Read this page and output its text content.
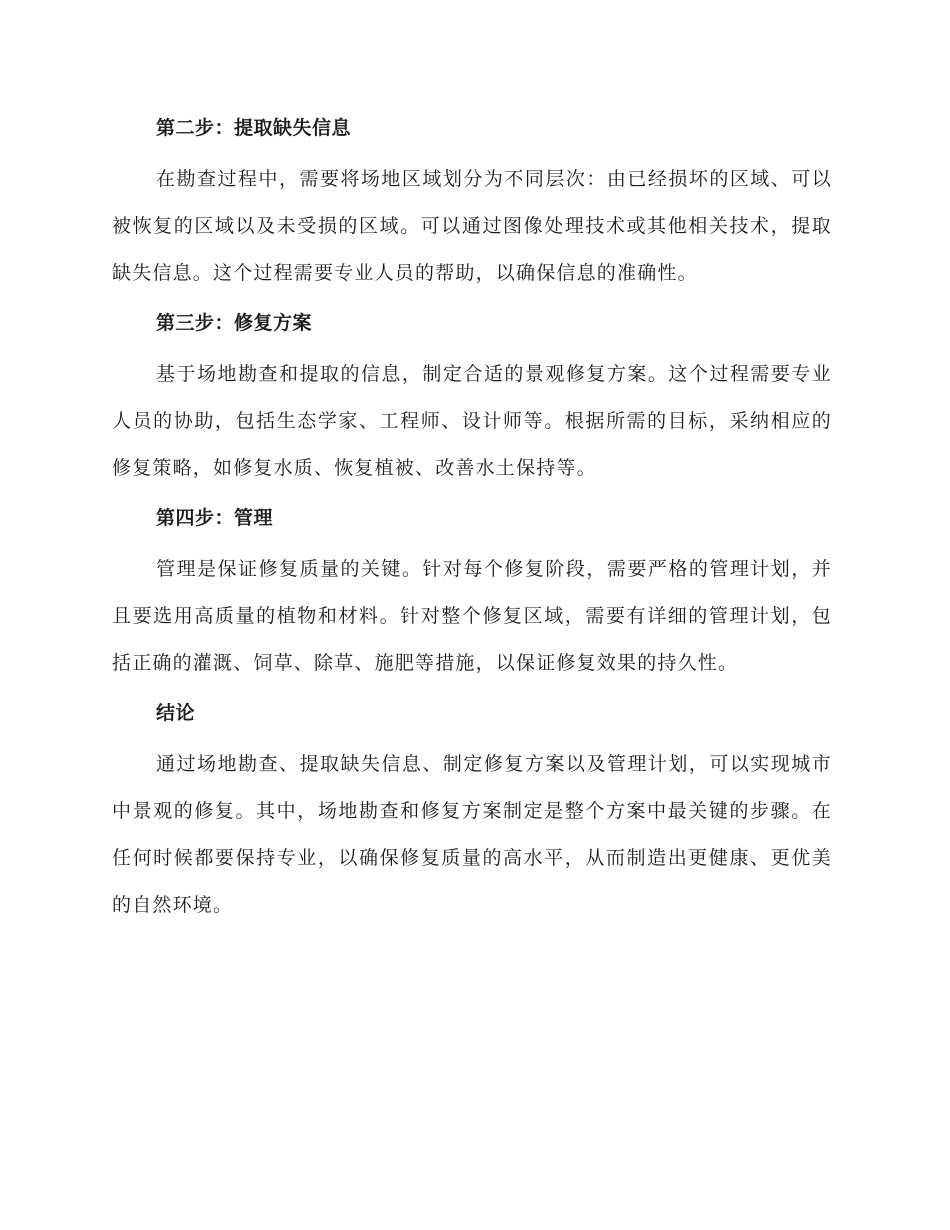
第二步：提取缺失信息

在勘查过程中，需要将场地区域划分为不同层次：由已经损坏的区域、可以被恢复的区域以及未受损的区域。可以通过图像处理技术或其他相关技术，提取缺失信息。这个过程需要专业人员的帮助，以确保信息的准确性。

第三步：修复方案

基于场地勘查和提取的信息，制定合适的景观修复方案。这个过程需要专业人员的协助，包括生态学家、工程师、设计师等。根据所需的目标，采纳相应的修复策略，如修复水质、恢复植被、改善水土保持等。

第四步：管理

管理是保证修复质量的关键。针对每个修复阶段，需要严格的管理计划，并且要选用高质量的植物和材料。针对整个修复区域，需要有详细的管理计划，包括正确的灌溉、饲草、除草、施肥等措施，以保证修复效果的持久性。

结论

通过场地勘查、提取缺失信息、制定修复方案以及管理计划，可以实现城市中景观的修复。其中，场地勘查和修复方案制定是整个方案中最关键的步骤。在任何时候都要保持专业，以确保修复质量的高水平，从而制造出更健康、更优美的自然环境。
